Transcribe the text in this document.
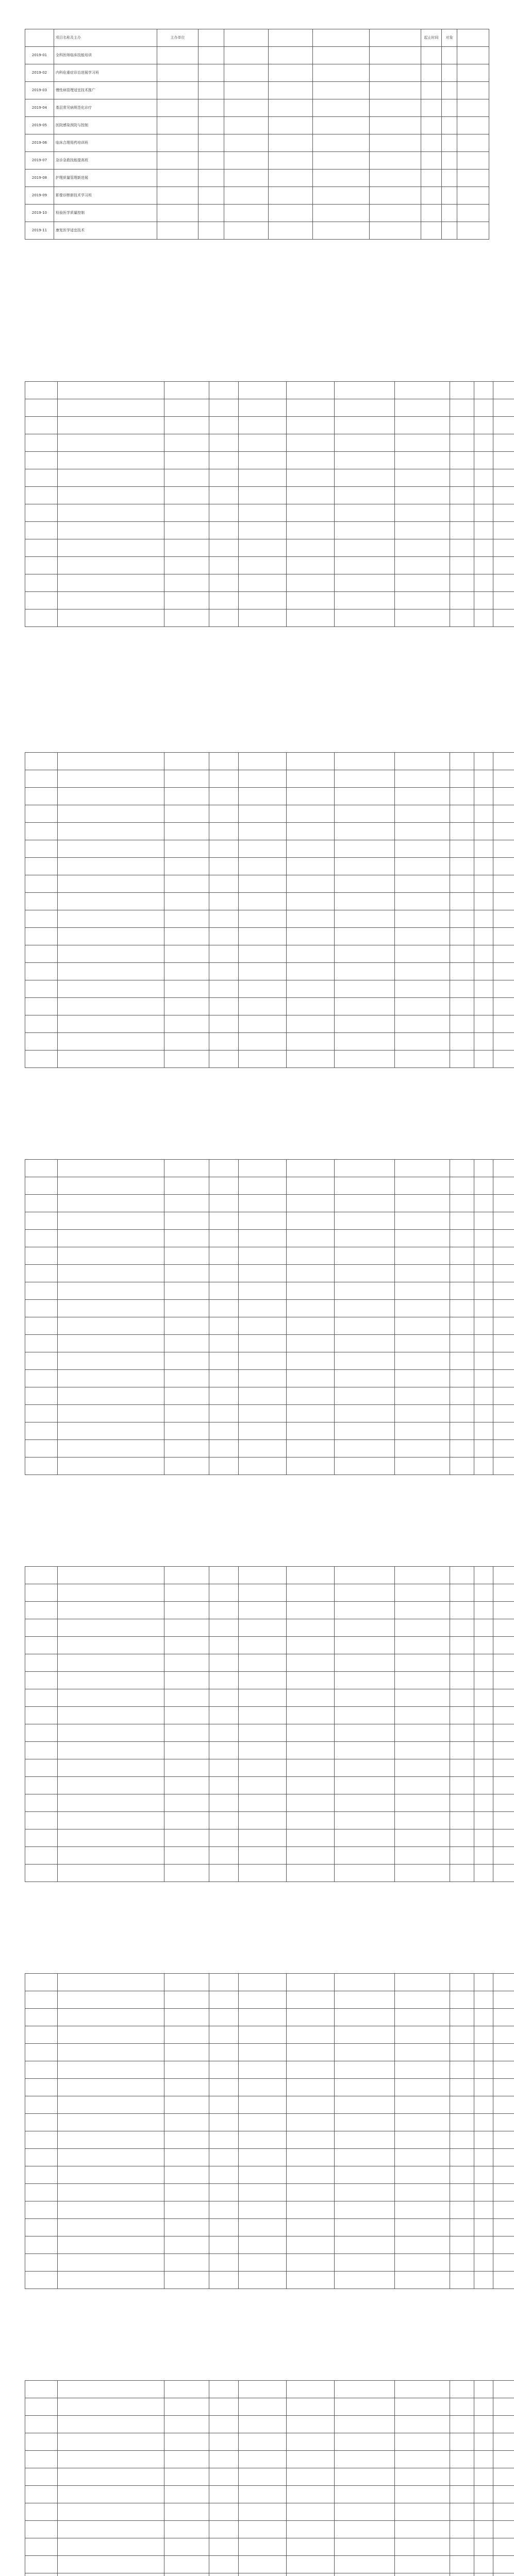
	项目名称及主办	主办单位						起止时间	对象	
2019-01	全科医师临床技能培训									
2019-02	内科危重症诊治进展学习班									
2019-03	慢性病管理适宜技术推广									
2019-04	基层常见病规范化诊疗									
2019-05	医院感染预防与控制									
2019-06	临床合理用药培训班									
2019-07	急诊急救技能提高班									
2019-08	护理质量管理新进展									
2019-09	影像诊断新技术学习班									
2019-10	检验医学质量控制									
2019-11	康复医学适宜技术									
